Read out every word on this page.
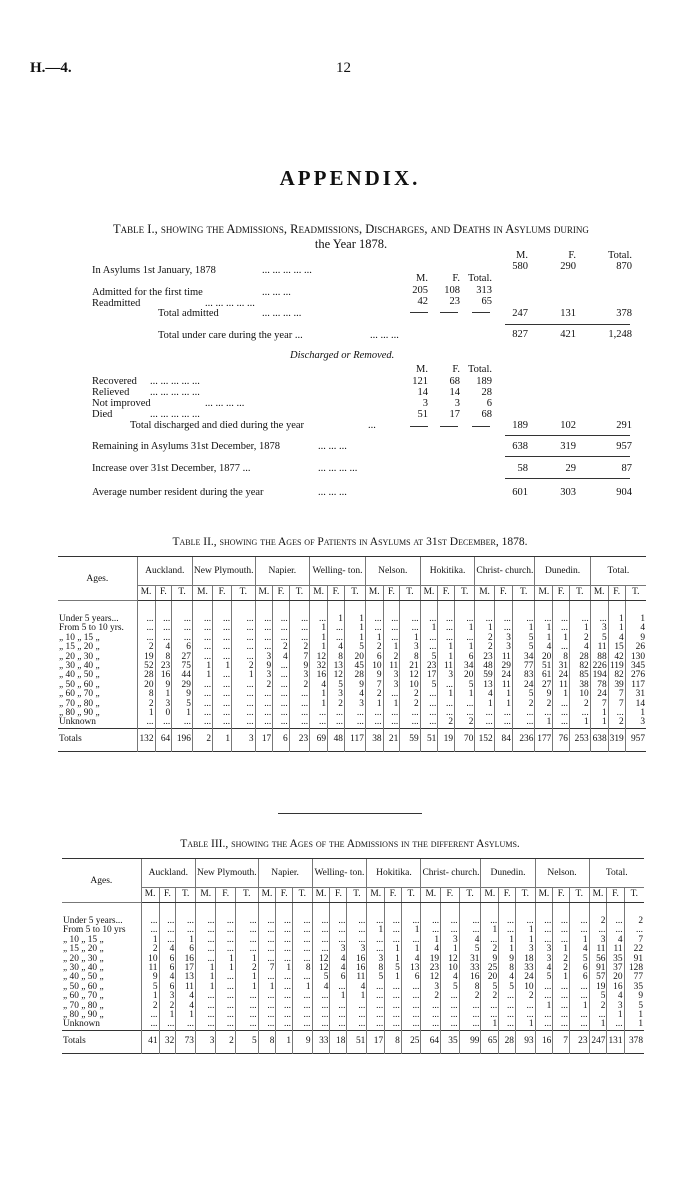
H.—4.	12
APPENDIX.
Table I., showing the Admissions, Readmissions, Discharges, and Deaths in Asylums during
the Year 1878.
M.	F.	Total.
In Asylums 1st January, 1878	... ... ... ... ...	580	290	870
M.	F. Total.
Admitted for the first time	... ... ...	205	108	313
Readmitted	... ... ... ... ...	42	23	65
Total admitted	... ... ... ...	247	131	378
Total under care during the year ...	... ... ...	827	421	1,248
Discharged or Removed.
M.	F. Total.
Recovered ... ... ... ... ...	121	68	189
Relieved ... ... ... ... ...	14	14	28
Not improved	... ... ... ...	3	3	6
Died	... ... ... ... ...	51	17	68
Total discharged and died during the year	...	189	102	291
Remaining in Asylums 31st December, 1878	... ... ...	638	319	957
Increase over 31st December, 1877 ...	... ... ... ...	58	29	87
Average number resident during the year	... ... ...	601	303	904
Table II., showing the Ages of Patients in Asylums at 31st December, 1878.
Ages.	Auckland.			New Plymouth.			Napier.			Welling- ton.			Nelson.			Hokitika.			Christ- church.			Dunedin.			Total.		
	M.	F.	T.	M.	F.	T.	M.	F.	T.	M.	F.	T.	M.	F.	T.	M.	F.	T.	M.	F.	T.	M.	F.	T.	M.	F.	T.

Under 5 years...	...	...	...	...	...	...	...	...	...	...	1	1	...	...	...	...	...	...	...	...	...	...	...	...	...	1	1
From 5 to 10 yrs.	...	...	...	...	...	...	...	...	...	1	...	1	...	...	...	1	...	1	1	...	1	1	...	1	3	1	4
„ 10 „ 15 „	...	...	...	...	...	...	...	...	...	1	...	1	1	...	1	...	...	...	2	3	5	1	1	2	5	4	9
„ 15 „ 20 „	2	4	6	...	...	...	...	2	2	1	4	5	2	1	3	...	1	1	2	3	5	4	...	4	11	15	26
„ 20 „ 30 „	19	8	27	...	...	...	3	4	7	12	8	20	6	2	8	5	1	6	23	11	34	20	8	28	88	42	130
„ 30 „ 40 „	52	23	75	1	1	2	9	...	9	32	13	45	10	11	21	23	11	34	48	29	77	51	31	82	226	119	345
„ 40 „ 50 „	28	16	44	1	...	1	3	...	3	16	12	28	9	3	12	17	3	20	59	24	83	61	24	85	194	82	276
„ 50 „ 60 „	20	9	29	...	...	...	2	...	2	4	5	9	7	3	10	5	...	5	13	11	24	27	11	38	78	39	117
„ 60 „ 70 „	8	1	9	...	...	...	...	...	...	1	3	4	2	...	2	...	1	1	4	1	5	9	1	10	24	7	31
„ 70 „ 80 „	2	3	5	...	...	...	...	...	...	1	2	3	1	1	2	...	...	...	1	1	2	2	...	2	7	7	14
„ 80 „ 90 „	1	0	1	...	...	...	...	...	...	...	...	...	...	...	...	...	...	...	...	...	...	...	...	...	1	...	1
Unknown	...	...	...	...	...	...	...	...	...	...	...	...	...	...	...	...	2	2	...	...	...	1	...	1	1	2	3
Totals	132	64	196	2	1	3	17	6	23	69	48	117	38	21	59	51	19	70	152	84	236	177	76	253	638	319	957

Table III., showing the Ages of the Admissions in the different Asylums.
Ages.	Auckland.			New Plymouth.			Napier.			Welling- ton.			Hokitika.			Christ- church.			Dunedin.			Nelson.			Total.		
	M.	F.	T.	M.	F.	T.	M.	F.	T.	M.	F.	T.	M.	F.	T.	M.	F.	T.	M.	F.	T.	M.	F.	T.	M.	F.	T.

Under 5 years...	...	...	...	...	...	...	...	...	...	...	...	...	...	...	...	...	...	...	...	...	...	...	...	...	2	...	2
From 5 to 10 yrs	...	...	...	...	...	...	...	...	...	...	...	...	1	...	1	...	...	...	1	...	1	...	...	...	...	...	...
„ 10 „ 15 „	1	...	1	...	...	...	...	...	...	...	...	...	...	...	...	1	3	4	...	1	1	...	...	1	3	4	7
„ 15 „ 20 „	2	4	6	...	...	...	...	...	...	...	3	3	...	1	1	4	1	5	2	1	3	3	1	4	11	11	22
„ 20 „ 30 „	10	6	16	...	1	1	...	...	...	12	4	16	3	1	4	19	12	31	9	9	18	3	2	5	56	35	91
„ 30 „ 40 „	11	6	17	1	1	2	7	1	8	12	4	16	8	5	13	23	10	33	25	8	33	4	2	6	91	37	128
„ 40 „ 50 „	9	4	13	1	...	1	...	...	...	5	6	11	5	1	6	12	4	16	20	4	24	5	1	6	57	20	77
„ 50 „ 60 „	5	6	11	1	...	1	1	...	1	4	...	4	...	...	...	3	5	8	5	5	10	...	...	...	19	16	35
„ 60 „ 70 „	1	3	4	...	...	...	...	...	...	...	1	1	...	...	...	2	...	2	2	...	2	...	...	...	5	4	9
„ 70 „ 80 „	2	2	4	...	...	...	...	...	...	...	...	...	...	...	...	...	...	...	...	...	...	1	...	1	2	3	5
„ 80 „ 90 „	...	1	1	...	...	...	...	...	...	...	...	...	...	...	...	...	...	...	...	...	...	...	...	...	...	1	1
Unknown	...	...	...	...	...	...	...	...	...	...	...	...	...	...	...	...	...	...	1	...	1	...	...	...	1	...	1
Totals	41	32	73	3	2	5	8	1	9	33	18	51	17	8	25	64	35	99	65	28	93	16	7	23	247	131	378
